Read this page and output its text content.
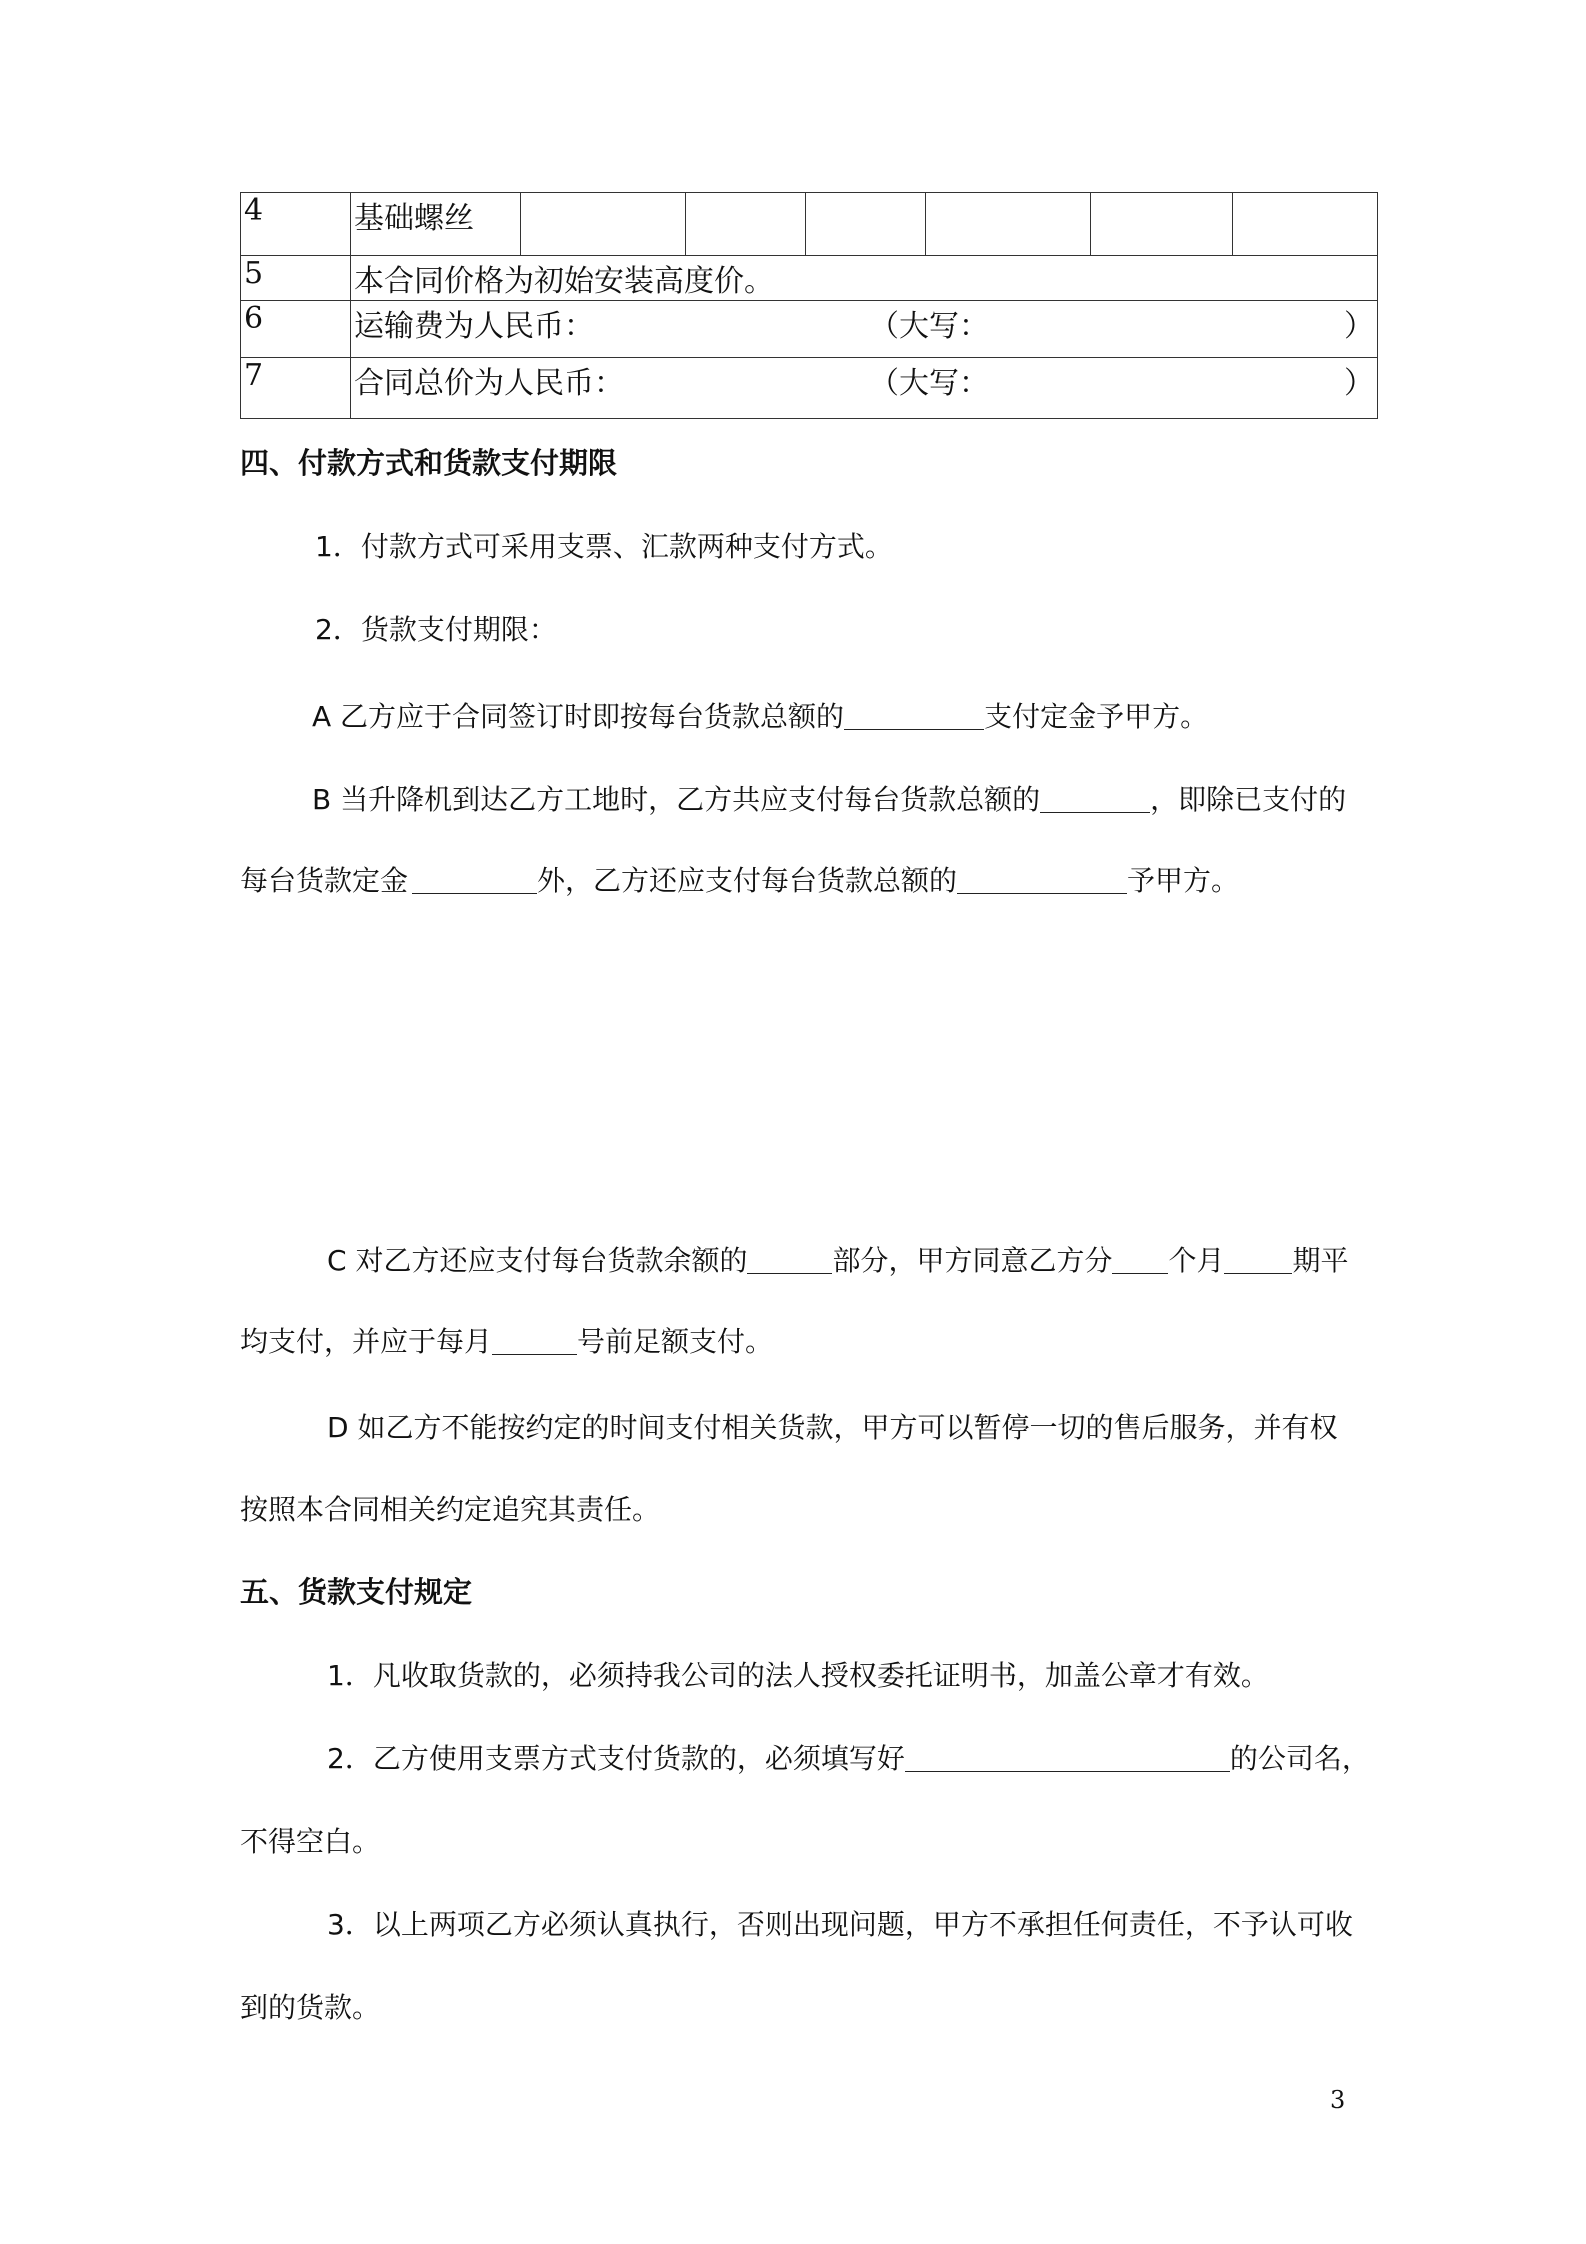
4	基础螺丝						
5	本合同价格为初始安装高度价。						
6	运输费为人民币： （大写： ）						

7	合同总价为人民币： （大写： ）						
四、付款方式和货款支付期限
1．付款方式可采用支票、汇款两种支付方式。
2．货款支付期限：
A 乙方应于合同签订时即按每台货款总额的	支付定金予甲方。
B 当升降机到达乙方工地时，乙方共应支付每台货款总额的	，即除已支付的
每台货款定金	外，乙方还应支付每台货款总额的	予甲方。
C 对乙方还应支付每台货款余额的	部分，甲方同意乙方分 个月 期平
均支付，并应于每月	号前足额支付。
D 如乙方不能按约定的时间支付相关货款，甲方可以暂停一切的售后服务，并有权
按照本合同相关约定追究其责任。
五、货款支付规定
1．凡收取货款的，必须持我公司的法人授权委托证明书，加盖公章才有效。
2．乙方使用支票方式支付货款的，必须填写好	的公司名，
不得空白。
3．以上两项乙方必须认真执行，否则出现问题，甲方不承担任何责任，不予认可收
到的货款。
3
